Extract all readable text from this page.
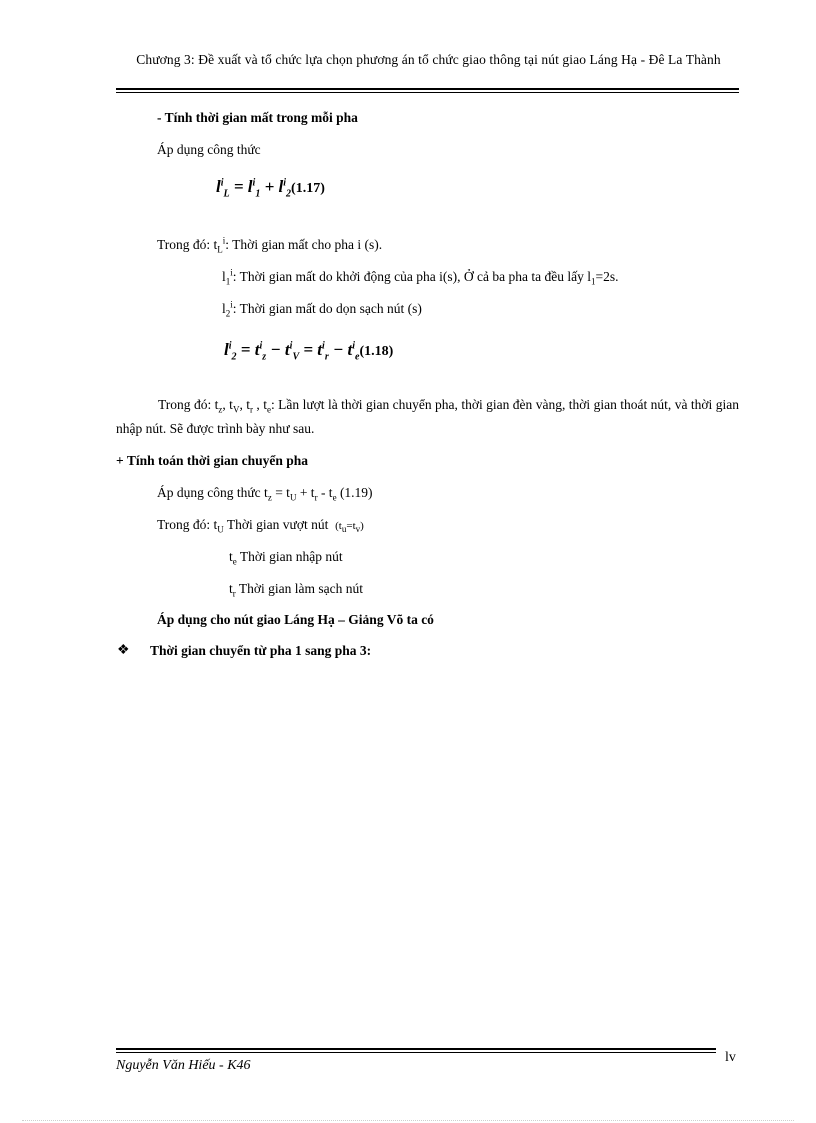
Chương 3: Đề xuất và tổ chức lựa chọn phương án tổ chức giao thông tại nút giao Láng Hạ - Đê La Thành
- Tính thời gian mất trong mỗi pha
Áp dụng công thức
$l^i_L = l^i_1 + l^i_2(1.17)$
Trong đó: $t_L^i$: Thời gian mất cho pha i (s).
$l_1^i$: Thời gian mất do khởi động của pha i(s), Ở cả ba pha ta đều lấy $l_1=2s$.
$l_2^i$: Thời gian mất do dọn sạch nút (s)
$l^i_2 = t^i_z - t^i_V = t^i_r - t^i_e(1.18)$
Trong đó: $t_z$, $t_V$, $t_r$ , $t_e$: Lần lượt là thời gian chuyển pha, thời gian đèn vàng, thời gian thoát nút, và thời gian nhập nút. Sẽ được trình bày như sau.
+ Tính toán thời gian chuyển pha
Áp dụng công thức $t_z = t_U + t_r - t_e$ (1.19)
Trong đó: $t_U$ Thời gian vượt nút $(t_u=t_v)$
$t_e$ Thời gian nhập nút
$t_r$ Thời gian làm sạch nút
Áp dụng cho nút giao Láng Hạ – Giảng Võ ta có
❖ Thời gian chuyển từ pha 1 sang pha 3:
Nguyễn Văn Hiếu - K46
lv
